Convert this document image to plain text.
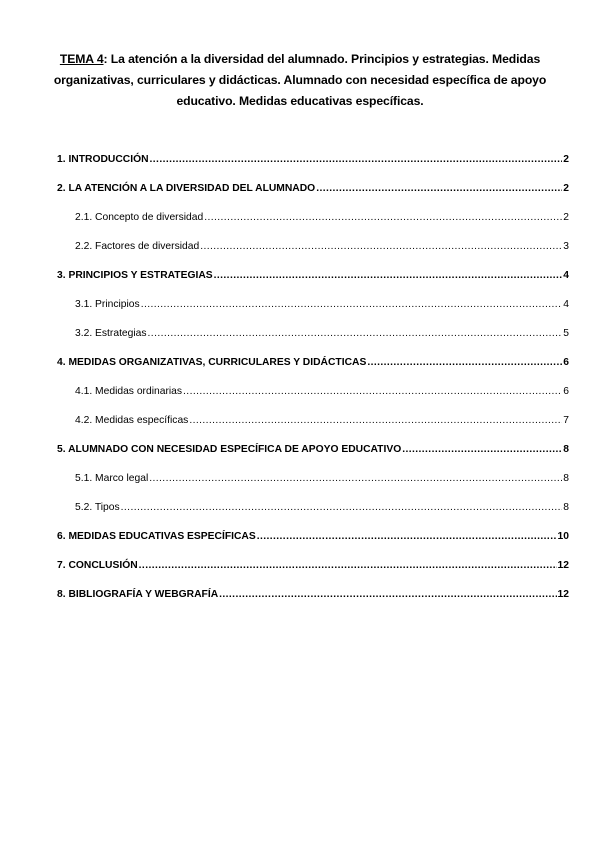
TEMA 4: La atención a la diversidad del alumnado. Principios y estrategias. Medidas organizativas, curriculares y didácticas. Alumnado con necesidad específica de apoyo educativo. Medidas educativas específicas.
1. INTRODUCCIÓN .....	2
2. LA ATENCIÓN A LA DIVERSIDAD DEL ALUMNADO .....	2
2.1. Concepto de diversidad .....	2
2.2. Factores de diversidad .....	3
3. PRINCIPIOS Y ESTRATEGIAS .....	4
3.1. Principios .....	4
3.2. Estrategias .....	5
4. MEDIDAS ORGANIZATIVAS, CURRICULARES Y DIDÁCTICAS .....	6
4.1. Medidas ordinarias .....	6
4.2. Medidas específicas .....	7
5. ALUMNADO CON NECESIDAD ESPECÍFICA DE APOYO EDUCATIVO .....	8
5.1. Marco legal .....	8
5.2. Tipos .....	8
6. MEDIDAS EDUCATIVAS ESPECÍFICAS .....	10
7. CONCLUSIÓN .....	12
8. BIBLIOGRAFÍA Y WEBGRAFÍA .....	12
